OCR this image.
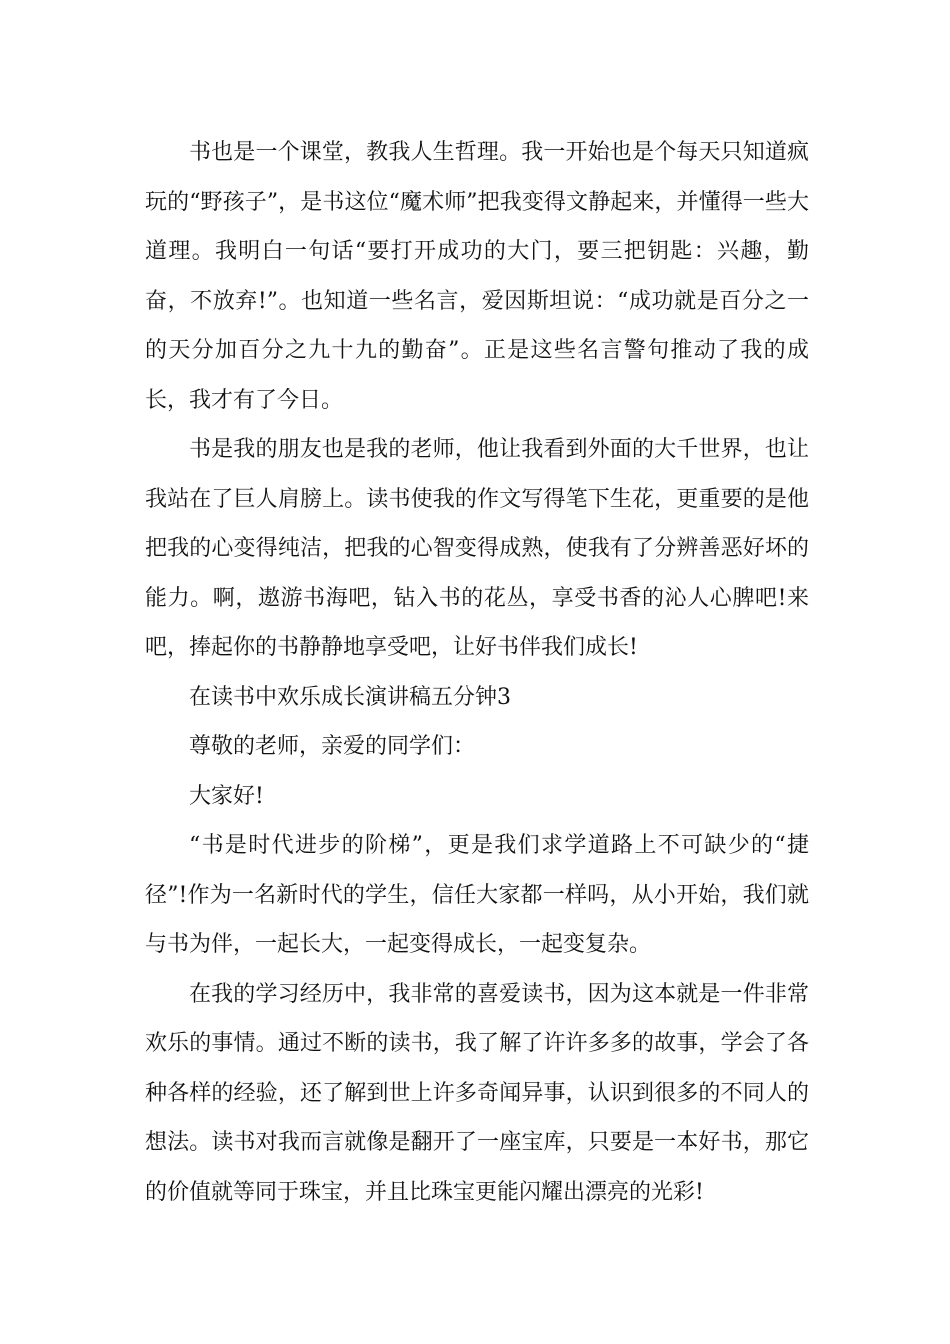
书也是一个课堂，教我人生哲理。我一开始也是个每天只知道疯玩的“野孩子”，是书这位“魔术师”把我变得文静起来，并懂得一些大道理。我明白一句话“要打开成功的大门，要三把钥匙：兴趣，勤奋，不放弃!”。也知道一些名言，爱因斯坦说：“成功就是百分之一的天分加百分之九十九的勤奋”。正是这些名言警句推动了我的成长，我才有了今日。

书是我的朋友也是我的老师，他让我看到外面的大千世界，也让我站在了巨人肩膀上。读书使我的作文写得笔下生花，更重要的是他把我的心变得纯洁，把我的心智变得成熟，使我有了分辨善恶好坏的能力。啊，遨游书海吧，钻入书的花丛，享受书香的沁人心脾吧!来吧，捧起你的书静静地享受吧，让好书伴我们成长!

在读书中欢乐成长演讲稿五分钟3

尊敬的老师，亲爱的同学们：

大家好!

“书是时代进步的阶梯”，更是我们求学道路上不可缺少的“捷径”!作为一名新时代的学生，信任大家都一样吗，从小开始，我们就与书为伴，一起长大，一起变得成长，一起变复杂。

在我的学习经历中，我非常的喜爱读书，因为这本就是一件非常欢乐的事情。通过不断的读书，我了解了许许多多的故事，学会了各种各样的经验，还了解到世上许多奇闻异事，认识到很多的不同人的想法。读书对我而言就像是翻开了一座宝库，只要是一本好书，那它的价值就等同于珠宝，并且比珠宝更能闪耀出漂亮的光彩!
